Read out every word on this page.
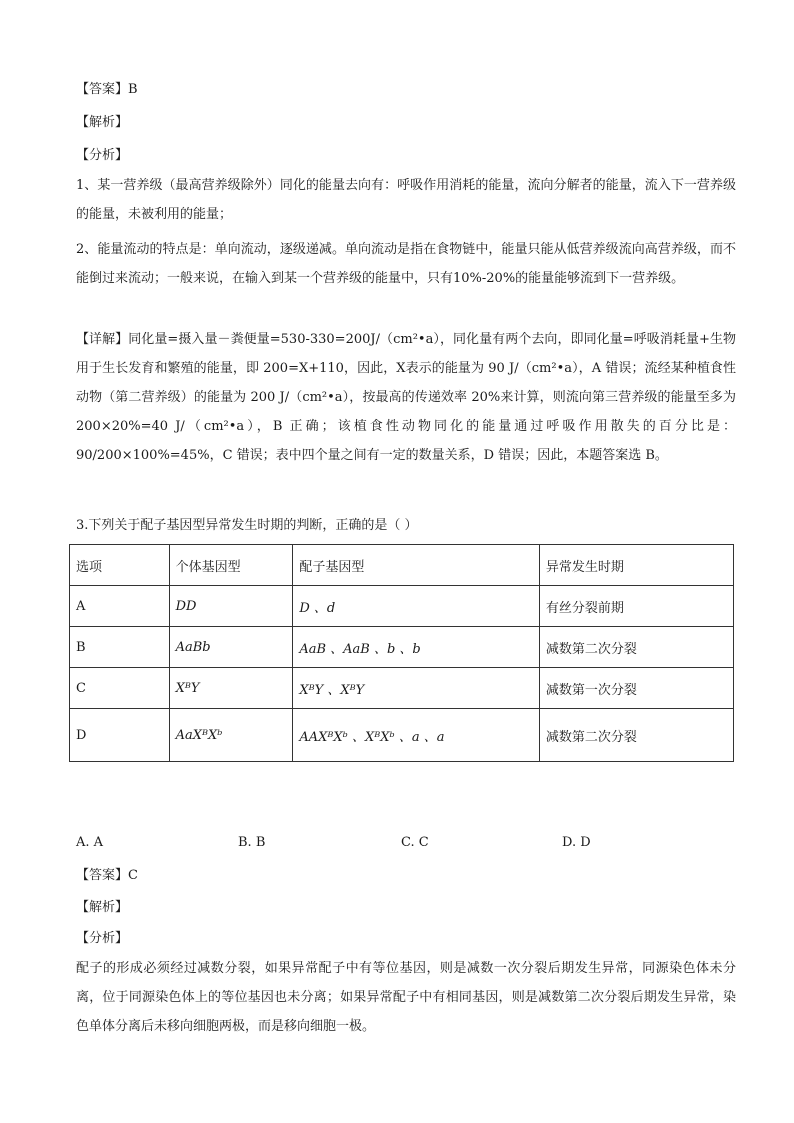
【答案】B
【解析】
【分析】
1、某一营养级（最高营养级除外）同化的能量去向有：呼吸作用消耗的能量，流向分解者的能量，流入下一营养级的能量，未被利用的能量；
2、能量流动的特点是：单向流动，逐级递减。单向流动是指在食物链中，能量只能从低营养级流向高营养级，而不能倒过来流动；一般来说，在输入到某一个营养级的能量中，只有10%-20%的能量能够流到下一营养级。
【详解】同化量=摄入量－粪便量=530-330=200J/（cm²•a），同化量有两个去向，即同化量=呼吸消耗量+生物用于生长发育和繁殖的能量，即 200=X+110，因此，X表示的能量为 90 J/（cm²•a），A 错误；流经某种植食性动物（第二营养级）的能量为 200 J/（cm²•a），按最高的传递效率 20%来计算，则流向第三营养级的能量至多为 200×20%=40 J/（cm²•a），B 正确；该植食性动物同化的能量通过呼吸作用散失的百分比是：90/200×100%=45%，C 错误；表中四个量之间有一定的数量关系，D 错误；因此，本题答案选 B。
3.下列关于配子基因型异常发生时期的判断，正确的是（ ）
选项	个体基因型	配子基因型	异常发生时期
A	DD	D 、d	有丝分裂前期
B	AaBb	AaB 、AaB 、b 、b	减数第二次分裂
C	XᴮY	XᴮY 、XᴮY	减数第一次分裂
D	AaXᴮXᵇ	AAXᴮXᵇ 、XᴮXᵇ 、a 、a	减数第二次分裂
A. A	B. B	C. C	D. D
【答案】C
【解析】
【分析】
配子的形成必须经过减数分裂，如果异常配子中有等位基因，则是减数一次分裂后期发生异常，同源染色体未分离，位于同源染色体上的等位基因也未分离；如果异常配子中有相同基因，则是减数第二次分裂后期发生异常，染色单体分离后未移向细胞两极，而是移向细胞一极。
